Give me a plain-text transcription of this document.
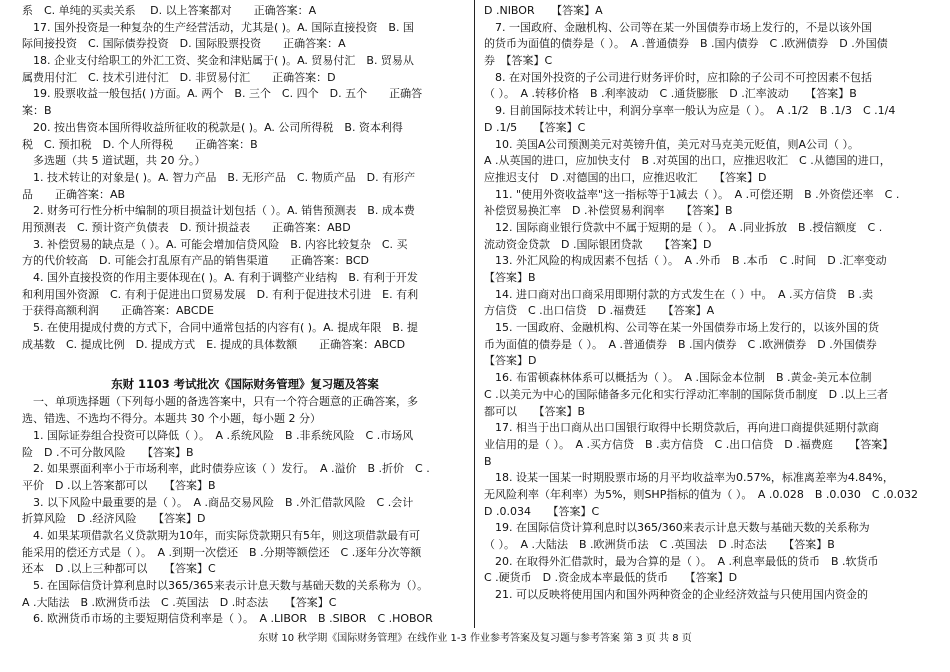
系　C. 单纯的买卖关系　 D. 以上答案都对　　正确答案：A
　17. 国外投资是一种复杂的生产经营活动，尤其是( )。A. 国际直接投资　B. 国
际间接投资　C. 国际债券投资　D. 国际股票投资　　正确答案：A
　18. 企业支付给职工的外汇工资、奖金和津贴属于( )。A. 贸易付汇　B. 贸易从
属费用付汇　C. 技术引进付汇　D. 非贸易付汇　　正确答案：D
　19. 股票收益一般包括( )方面。A. 两个　B. 三个　C. 四个　D. 五个　　正确答
案：B
　20. 按出售资本国所得收益所征收的税款是( )。A. 公司所得税　B. 资本利得
税　C. 预扣税　D. 个人所得税　　正确答案：B
　多选题（共 5 道试题，共 20 分。）
　1. 技术转让的对象是( )。A. 智力产品　B. 无形产品　C. 物质产品　D. 有形产
品　　正确答案：AB
　2. 财务可行性分析中编制的项目损益计划包括（ ）。A. 销售预测表　B. 成本费
用预测表　C. 预计资产负债表　D. 预计损益表　　正确答案：ABD
　3. 补偿贸易的缺点是（ ）。A. 可能会增加信贷风险　B. 内容比较复杂　C. 买
方的代价较高　D. 可能会打乱原有产品的销售渠道　　正确答案：BCD
　4. 国外直接投资的作用主要体现在( )。A. 有利于调整产业结构　B. 有利于开发
和利用国外资源　C. 有利于促进出口贸易发展　D. 有利于促进技术引进　E. 有利
于获得高额利润　　正确答案：ABCDE
　5. 在使用提成付费的方式下，合同中通常包括的内容有( )。A. 提成年限　B. 提
成基数　C. 提成比例　D. 提成方式　E. 提成的具体数额　　正确答案：ABCD
东财 1103 考试批次《国际财务管理》复习题及答案
　一、单项选择题（下列每小题的备选答案中，只有一个符合题意的正确答案，多
选、错选、不选均不得分。本题共 30 个小题，每小题 2 分）
　1. 国际证券组合投资可以降低（ ）。　A .系统风险　B .非系统风险　C .市场风
险　D .不可分散风险　　【答案】B
　2. 如果票面利率小于市场利率，此时债券应该（ ）发行。　A .溢价　B .折价　C .
平价　D .以上答案都可以　　【答案】B
　3. 以下风险中最重要的是（ ）。　A .商品交易风险　B .外汇借款风险　C .会计
折算风险　D .经济风险　　【答案】D
　4. 如果某项借款名义贷款期为10年，而实际贷款期只有5年，则这项借款最有可
能采用的偿还方式是（ ）。　A .到期一次偿还　B .分期等额偿还　C .逐年分次等额
还本　D .以上三种都可以　　【答案】C
　5. 在国际信贷计算利息时以365/365来表示计息天数与基础天数的关系称为（）。
A .大陆法　B .欧洲货币法　C .英国法　D .时态法　　【答案】C
　6. 欧洲货币市场的主要短期信贷利率是（ ）。　A .LIBOR　B .SIBOR　C .HOBOR
D .NIBOR　　【答案】A
　7. 一国政府、金融机构、公司等在某一外国债券市场上发行的，不是以该外国
的货币为面值的债券是（ ）。　A .普通债券　B .国内债券　C .欧洲债券　D .外国债
券　【答案】C
　8. 在对国外投资的子公司进行财务评价时，应扣除的子公司不可控因素不包括
（ ）。　A .转移价格　B .利率波动　C .通货膨胀　D .汇率波动　　【答案】B
　9. 目前国际技术转让中，利润分享率一般认为应是（ ）。　A .1/2　B .1/3　C .1/4
D .1/5　　【答案】C
　10. 美国A公司预测美元对英镑升值，美元对马克美元贬值，则A公司（ ）。
A .从英国的进口，应加快支付　B .对英国的出口，应推迟收汇　C .从德国的进口，
应推迟支付　D .对德国的出口，应推迟收汇　　【答案】D
　11. "使用外资收益率"这一指标等于1减去（ ）。　A .可偿还期　B .外资偿还率　C .
补偿贸易换汇率　D .补偿贸易利润率　　【答案】B
　12. 国际商业银行贷款中不属于短期的是（ ）。　A .同业拆放　B .授信额度　C .
流动资金贷款　D .国际银团贷款　　【答案】D
　13. 外汇风险的构成因素不包括（ ）。　A .外币　B .本币　C .时间　D .汇率变动
【答案】B
　14. 进口商对出口商采用即期付款的方式发生在（ ）中。　A .买方信贷　B .卖
方信贷　C .出口信贷　D .福费廷　　【答案】A
　15. 一国政府、金融机构、公司等在某一外国债券市场上发行的，以该外国的货
币为面值的债券是（ ）。　A .普通债券　B .国内债券　C .欧洲债券　D .外国债券
【答案】D
　16. 布雷顿森林体系可以概括为（ ）。　A .国际金本位制　B .黄金-美元本位制
C .以美元为中心的国际储备多元化和实行浮动汇率制的国际货币制度　D .以上三者
都可以　　【答案】B
　17. 相当于出口商从出口国银行取得中长期贷款后，再向进口商提供延期付款商
业信用的是（ ）。　A .买方信贷　B .卖方信贷　C .出口信贷　D .福费庭　　【答案】
B
　18. 设某一国某一时期股票市场的月平均收益率为0.57%，标准离差率为4.84%，
无风险利率（年利率）为5%，则SHP指标的值为（ ）。　A .0.028　B .0.030　C .0.032
D .0.034　　【答案】C
　19. 在国际信贷计算利息时以365/360来表示计息天数与基础天数的关系称为
（ ）。　A .大陆法　B .欧洲货币法　C .英国法　D .时态法　　【答案】B
　20. 在取得外汇借款时，最为合算的是（ ）。　A .利息率最低的货币　B .软货币
C .硬货币　D .资金成本率最低的货币　　【答案】D
　21. 可以反映将使用国内和国外两种资金的企业经济效益与只使用国内资金的
东财 10 秋学期《国际财务管理》在线作业 1-3 作业参考答案及复习题与参考答案 第 3 页 共 8 页
